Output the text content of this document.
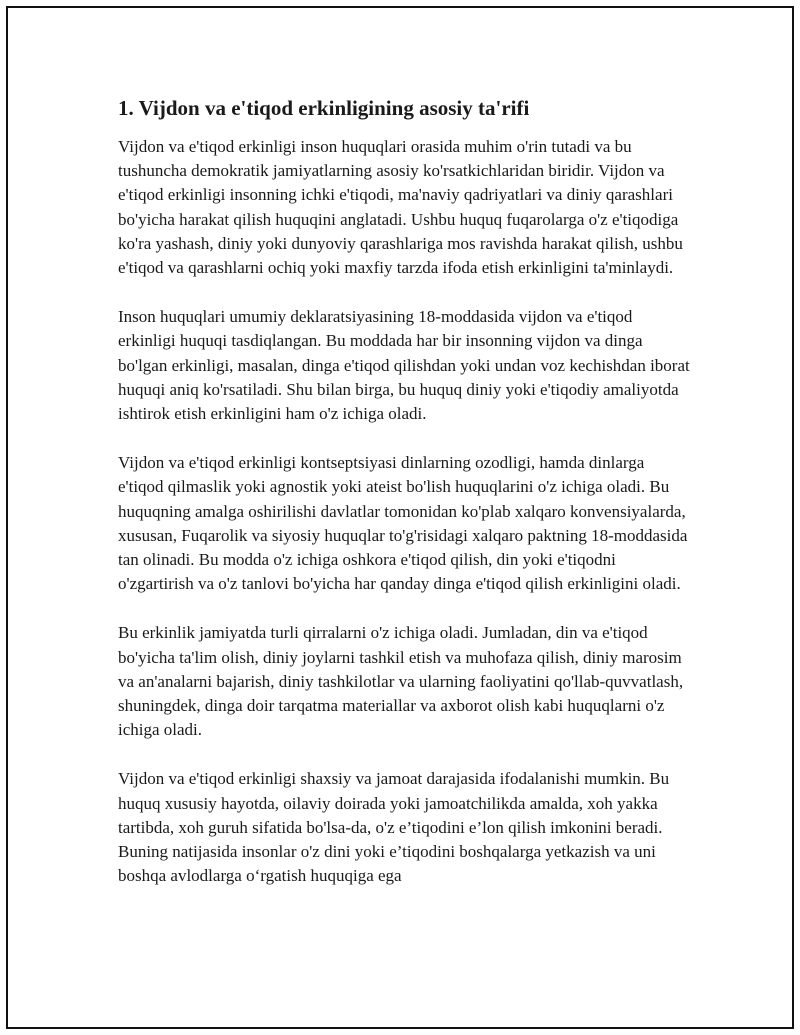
1. Vijdon va e'tiqod erkinligining asosiy ta'rifi

Vijdon va e'tiqod erkinligi inson huquqlari orasida muhim o'rin tutadi va bu tushuncha demokratik jamiyatlarning asosiy ko'rsatkichlaridan biridir. Vijdon va e'tiqod erkinligi insonning ichki e'tiqodi, ma'naviy qadriyatlari va diniy qarashlari bo'yicha harakat qilish huquqini anglatadi. Ushbu huquq fuqarolarga o'z e'tiqodiga ko'ra yashash, diniy yoki dunyoviy qarashlariga mos ravishda harakat qilish, ushbu e'tiqod va qarashlarni ochiq yoki maxfiy tarzda ifoda etish erkinligini ta'minlaydi.

Inson huquqlari umumiy deklaratsiyasining 18-moddasida vijdon va e'tiqod erkinligi huquqi tasdiqlangan. Bu moddada har bir insonning vijdon va dinga bo'lgan erkinligi, masalan, dinga e'tiqod qilishdan yoki undan voz kechishdan iborat huquqi aniq ko'rsatiladi. Shu bilan birga, bu huquq diniy yoki e'tiqodiy amaliyotda ishtirok etish erkinligini ham o'z ichiga oladi.

Vijdon va e'tiqod erkinligi kontseptsiyasi dinlarning ozodligi, hamda dinlarga e'tiqod qilmaslik yoki agnostik yoki ateist bo'lish huquqlarini o'z ichiga oladi. Bu huquqning amalga oshirilishi davlatlar tomonidan ko'plab xalqaro konvensiyalarda, xususan, Fuqarolik va siyosiy huquqlar to'g'risidagi xalqaro paktning 18-moddasida tan olinadi. Bu modda o'z ichiga oshkora e'tiqod qilish, din yoki e'tiqodni o'zgartirish va o'z tanlovi bo'yicha har qanday dinga e'tiqod qilish erkinligini oladi.

Bu erkinlik jamiyatda turli qirralarni o'z ichiga oladi. Jumladan, din va e'tiqod bo'yicha ta'lim olish, diniy joylarni tashkil etish va muhofaza qilish, diniy marosim va an'analarni bajarish, diniy tashkilotlar va ularning faoliyatini qo'llab-quvvatlash, shuningdek, dinga doir tarqatma materiallar va axborot olish kabi huquqlarni o'z ichiga oladi.

Vijdon va e'tiqod erkinligi shaxsiy va jamoat darajasida ifodalanishi mumkin. Bu huquq xususiy hayotda, oilaviy doirada yoki jamoatchilikda amalda, xoh yakka tartibda, xoh guruh sifatida bo'lsa-da, o'z e’tiqodini e’lon qilish imkonini beradi. Buning natijasida insonlar o'z dini yoki e’tiqodini boshqalarga yetkazish va uni boshqa avlodlarga o‘rgatish huquqiga ega
